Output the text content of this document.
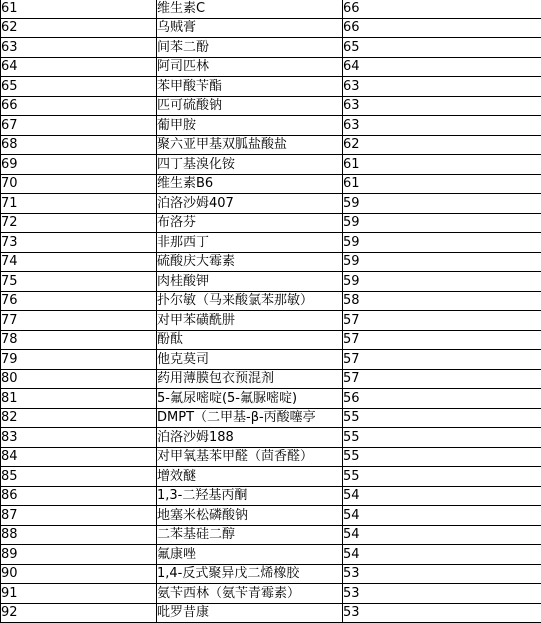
61	维生素C	66
62	乌贼膏	66
63	间苯二酚	65
64	阿司匹林	64
65	苯甲酸苄酯	63
66	匹可硫酸钠	63
67	葡甲胺	63
68	聚六亚甲基双胍盐酸盐	62
69	四丁基溴化铵	61
70	维生素B6	61
71	泊洛沙姆407	59
72	布洛芬	59
73	非那西丁	59
74	硫酸庆大霉素	59
75	肉桂酸钾	59
76	扑尔敏（马来酸氯苯那敏）	58
77	对甲苯磺酰肼	57
78	酚酞	57
79	他克莫司	57
80	药用薄膜包衣预混剂	57
81	5-氟尿嘧啶(5-氟脲嘧啶)	56
82	DMPT（二甲基-β-丙酸噻亭	55
83	泊洛沙姆188	55
84	对甲氧基苯甲醛（茴香醛）	55
85	增效醚	55
86	1,3-二羟基丙酮	54
87	地塞米松磷酸钠	54
88	二苯基硅二醇	54
89	氟康唑	54
90	1,4-反式聚异戊二烯橡胶	53
91	氨苄西林（氨苄青霉素）	53
92	吡罗昔康	53
